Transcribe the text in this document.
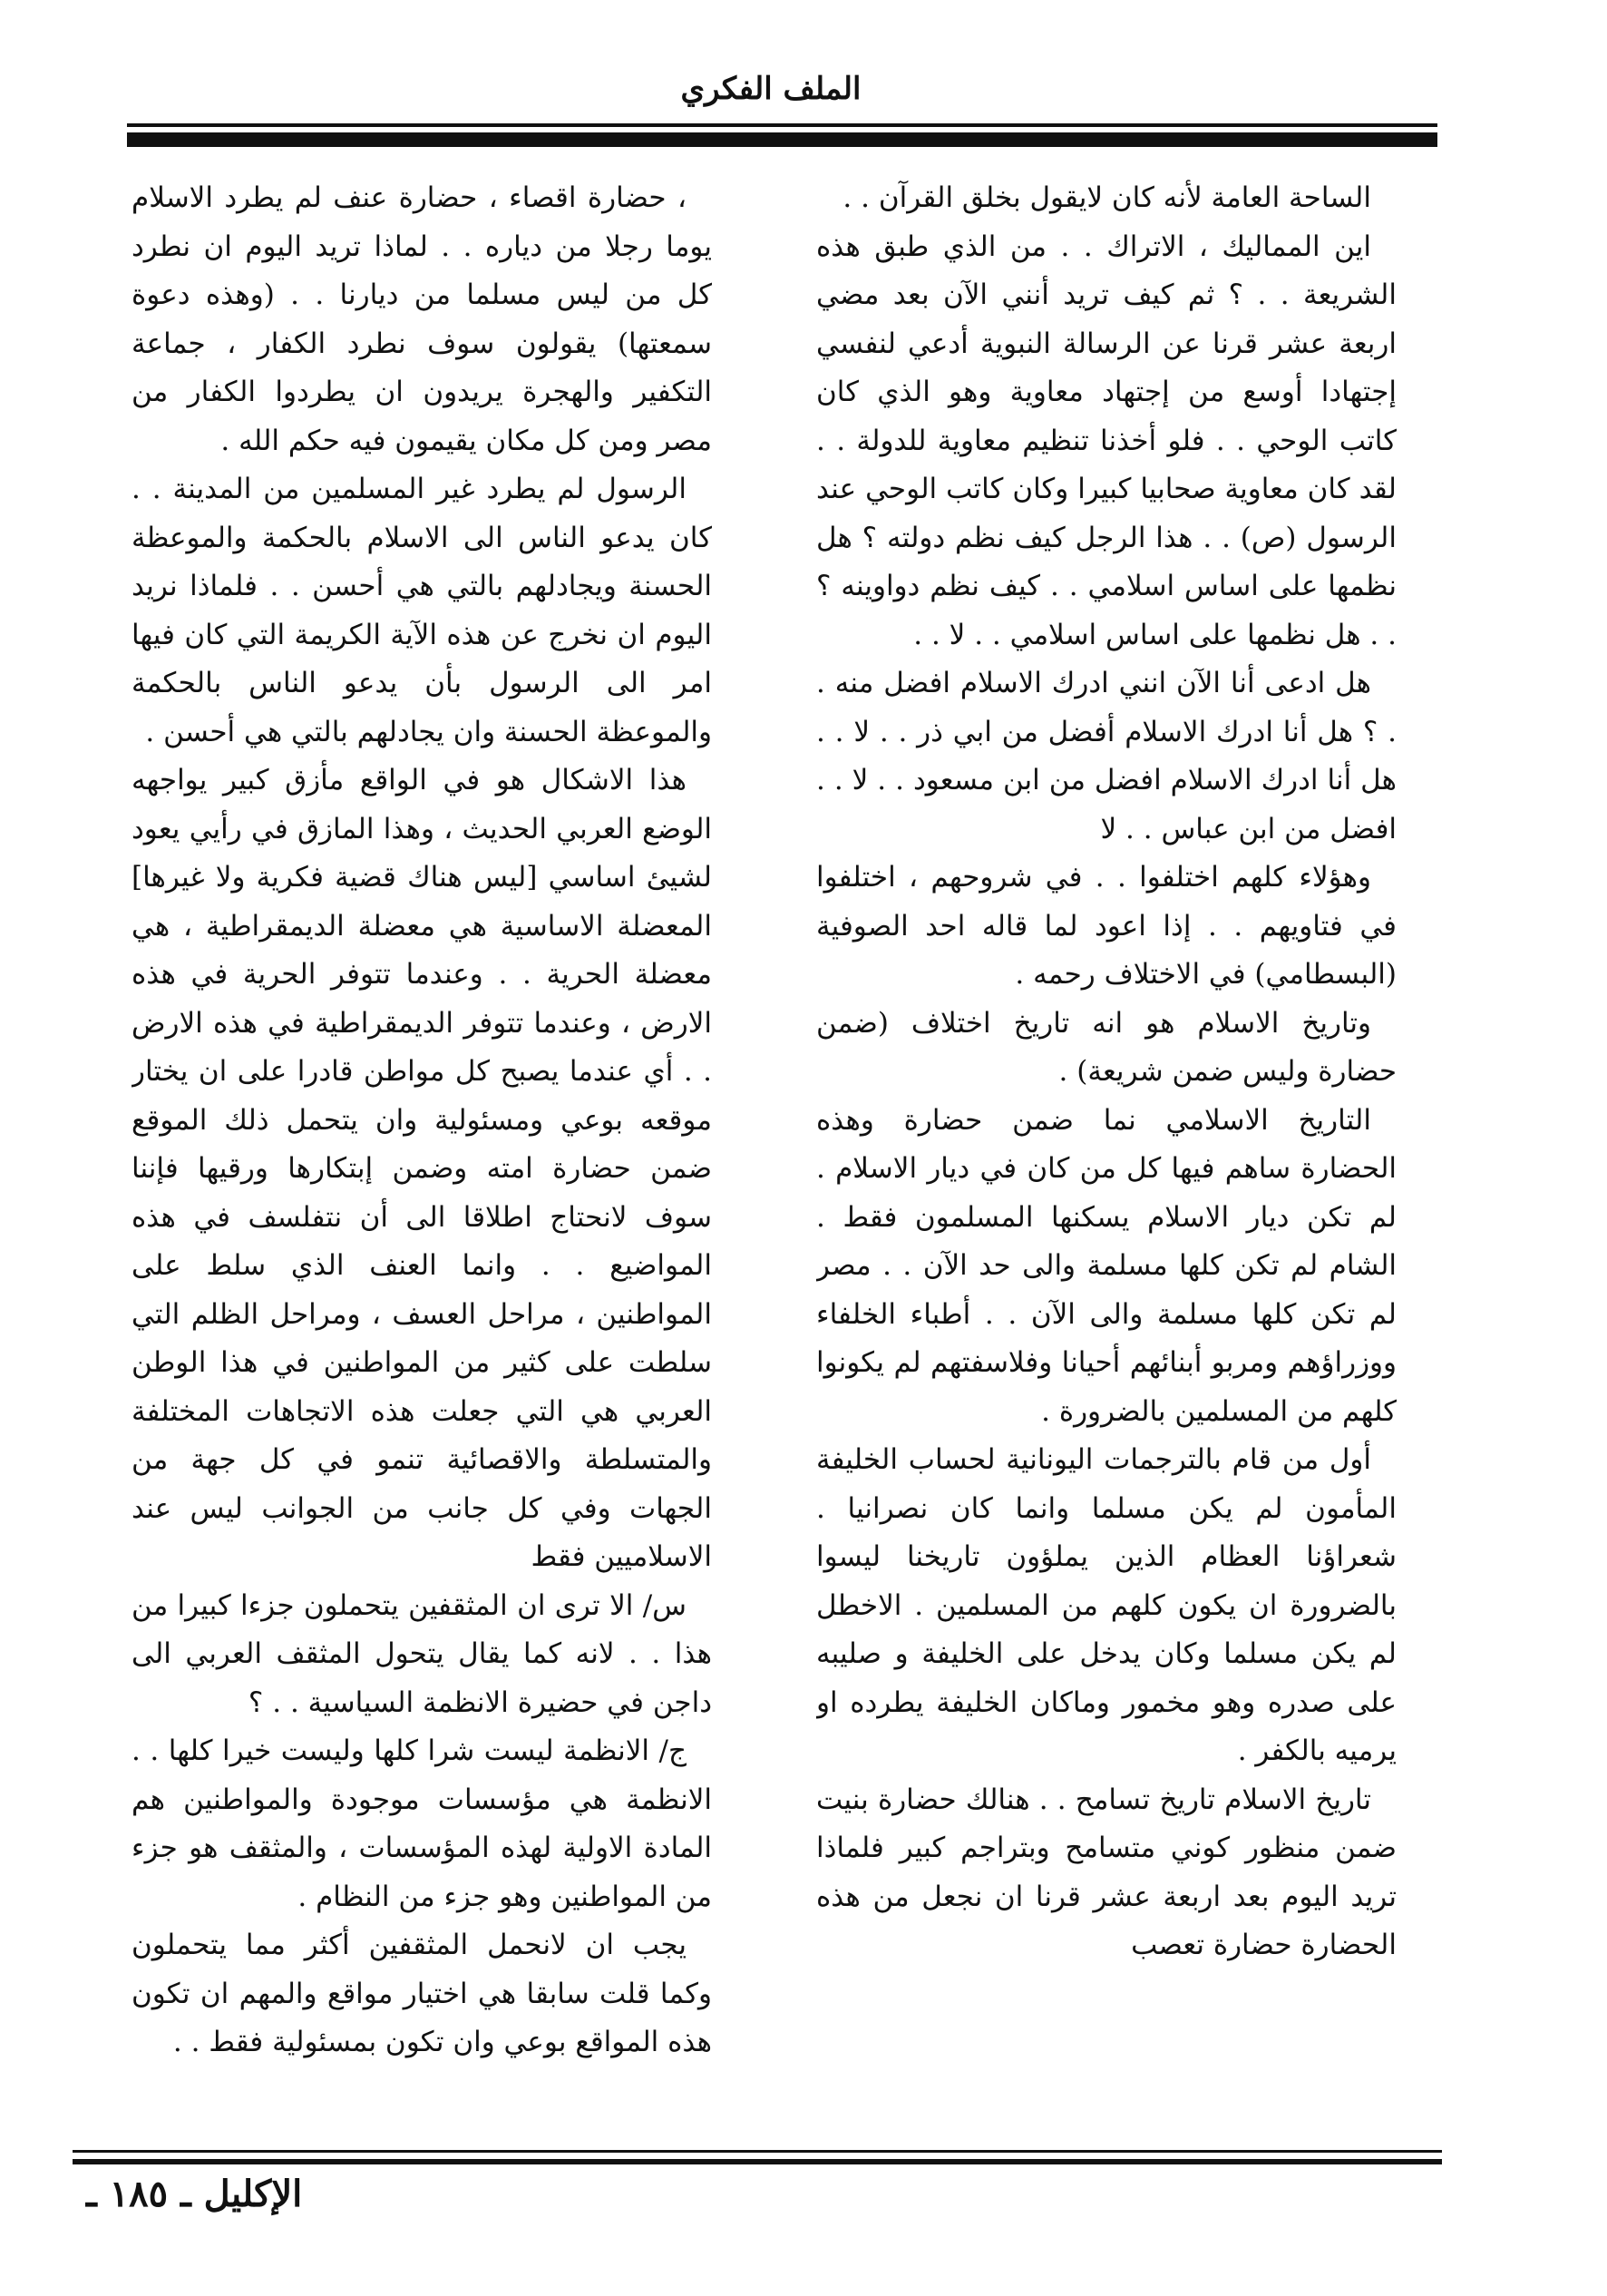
الملف الفكري

الساحة العامة لأنه كان لايقول بخلق القرآن . .

اين المماليك ، الاتراك . . من الذي طبق هذه الشريعة . . ؟ ثم كيف تريد أنني الآن بعد مضي اربعة عشر قرنا عن الرسالة النبوية أدعي لنفسي إجتهادا أوسع من إجتهاد معاوية وهو الذي كان كاتب الوحي . . فلو أخذنا تنظيم معاوية للدولة . . لقد كان معاوية صحابيا كبيرا وكان كاتب الوحي عند الرسول (ص) . . هذا الرجل كيف نظم دولته ؟ هل نظمها على اساس اسلامي . . كيف نظم دواوينه ؟ . . هل نظمها على اساس اسلامي . . لا . .

هل ادعى أنا الآن انني ادرك الاسلام افضل منه . . ؟ هل أنا ادرك الاسلام أفضل من ابي ذر . . لا . . هل أنا ادرك الاسلام افضل من ابن مسعود . . لا . . افضل من ابن عباس . . لا

وهؤلاء كلهم اختلفوا . . في شروحهم ، اختلفوا في فتاويهم . . إذا اعود لما قاله احد الصوفية (البسطامي) في الاختلاف رحمه .

وتاريخ الاسلام هو انه تاريخ اختلاف (ضمن حضارة وليس ضمن شريعة) .

التاريخ الاسلامي نما ضمن حضارة وهذه الحضارة ساهم فيها كل من كان في ديار الاسلام . لم تكن ديار الاسلام يسكنها المسلمون فقط . الشام لم تكن كلها مسلمة والى حد الآن . . مصر لم تكن كلها مسلمة والى الآن . . أطباء الخلفاء ووزراؤهم ومربو أبنائهم أحيانا وفلاسفتهم لم يكونوا كلهم من المسلمين بالضرورة .

أول من قام بالترجمات اليونانية لحساب الخليفة المأمون لم يكن مسلما وانما كان نصرانيا . شعراؤنا العظام الذين يملؤون تاريخنا ليسوا بالضرورة ان يكون كلهم من المسلمين . الاخطل لم يكن مسلما وكان يدخل على الخليفة و صليبه على صدره وهو مخمور وماكان الخليفة يطرده او يرميه بالكفر .

تاريخ الاسلام تاريخ تسامح . . هنالك حضارة بنيت ضمن منظور كوني متسامح وبتراجم كبير فلماذا تريد اليوم بعد اربعة عشر قرنا ان نجعل من هذه الحضارة حضارة تعصب

، حضارة اقصاء ، حضارة عنف لم يطرد الاسلام يوما رجلا من دياره . . لماذا تريد اليوم ان نطرد كل من ليس مسلما من ديارنا . . (وهذه دعوة سمعتها) يقولون سوف نطرد الكفار ، جماعة التكفير والهجرة يريدون ان يطردوا الكفار من مصر ومن كل مكان يقيمون فيه حكم الله .

الرسول لم يطرد غير المسلمين من المدينة . . كان يدعو الناس الى الاسلام بالحكمة والموعظة الحسنة ويجادلهم بالتي هي أحسن . . فلماذا نريد اليوم ان نخرج عن هذه الآية الكريمة التي كان فيها امر الى الرسول بأن يدعو الناس بالحكمة والموعظة الحسنة وان يجادلهم بالتي هي أحسن .

هذا الاشكال هو في الواقع مأزق كبير يواجهه الوضع العربي الحديث ، وهذا المازق في رأيي يعود لشيئ اساسي [ليس هناك قضية فكرية ولا غيرها] المعضلة الاساسية هي معضلة الديمقراطية ، هي معضلة الحرية . . وعندما تتوفر الحرية في هذه الارض ، وعندما تتوفر الديمقراطية في هذه الارض . . أي عندما يصبح كل مواطن قادرا على ان يختار موقعه بوعي ومسئولية وان يتحمل ذلك الموقع ضمن حضارة امته وضمن إبتكارها ورقيها فإننا سوف لانحتاج اطلاقا الى أن نتفلسف في هذه المواضيع . . وانما العنف الذي سلط على المواطنين ، مراحل العسف ، ومراحل الظلم التي سلطت على كثير من المواطنين في هذا الوطن العربي هي التي جعلت هذه الاتجاهات المختلفة والمتسلطة والاقصائية تنمو في كل جهة من الجهات وفي كل جانب من الجوانب ليس عند الاسلاميين فقط

س/ الا ترى ان المثقفين يتحملون جزءا كبيرا من هذا . . لانه كما يقال يتحول المثقف العربي الى داجن في حضيرة الانظمة السياسية . . ؟

ج/ الانظمة ليست شرا كلها وليست خيرا كلها . . الانظمة هي مؤسسات موجودة والمواطنين هم المادة الاولية لهذه المؤسسات ، والمثقف هو جزء من المواطنين وهو جزء من النظام .

يجب ان لانحمل المثقفين أكثر مما يتحملون وكما قلت سابقا هي اختيار مواقع والمهم ان تكون هذه المواقع بوعي وان تكون بمسئولية فقط . .

الإكليل ـ ١٨٥ ـ
